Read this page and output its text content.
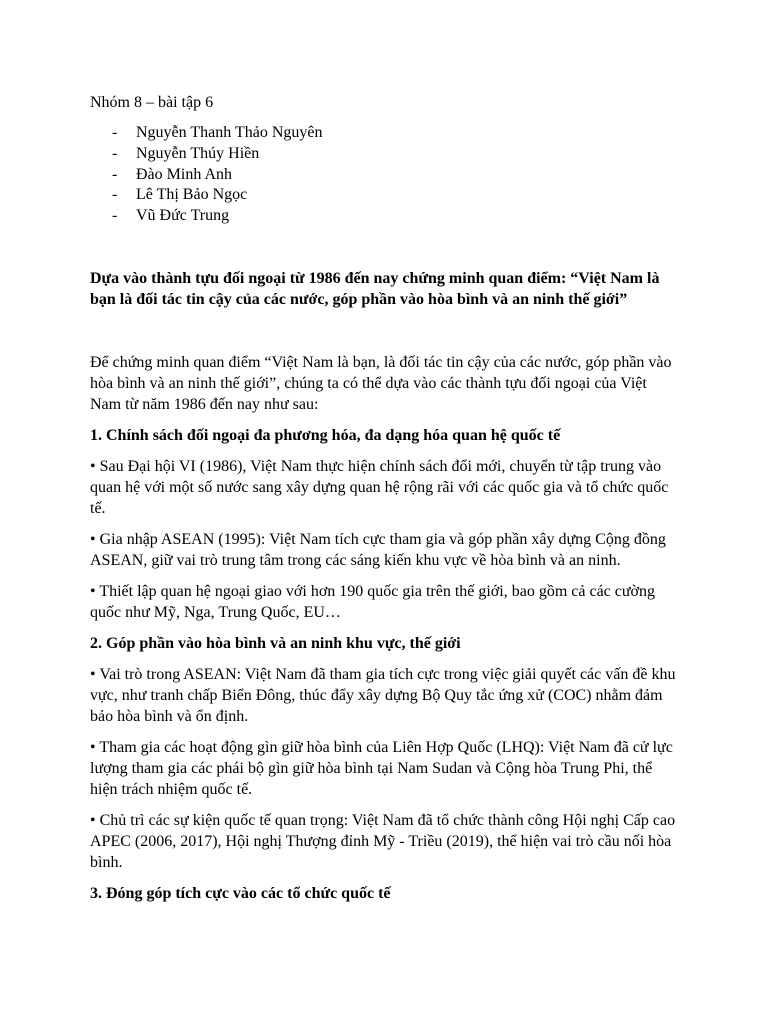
Nhóm 8 – bài tập 6

- Nguyễn Thanh Thảo Nguyên
- Nguyễn Thúy Hiền
- Đào Minh Anh
- Lê Thị Bảo Ngọc
- Vũ Đức Trung

Dựa vào thành tựu đối ngoại từ 1986 đến nay chứng minh quan điểm: “Việt Nam là bạn là đối tác tin cậy của các nước, góp phần vào hòa bình và an ninh thế giới”

Để chứng minh quan điểm “Việt Nam là bạn, là đối tác tin cậy của các nước, góp phần vào hòa bình và an ninh thế giới”, chúng ta có thể dựa vào các thành tựu đối ngoại của Việt Nam từ năm 1986 đến nay như sau:

1. Chính sách đối ngoại đa phương hóa, đa dạng hóa quan hệ quốc tế

• Sau Đại hội VI (1986), Việt Nam thực hiện chính sách đổi mới, chuyển từ tập trung vào quan hệ với một số nước sang xây dựng quan hệ rộng rãi với các quốc gia và tổ chức quốc tế.

• Gia nhập ASEAN (1995): Việt Nam tích cực tham gia và góp phần xây dựng Cộng đồng ASEAN, giữ vai trò trung tâm trong các sáng kiến khu vực về hòa bình và an ninh.

• Thiết lập quan hệ ngoại giao với hơn 190 quốc gia trên thế giới, bao gồm cả các cường quốc như Mỹ, Nga, Trung Quốc, EU…

2. Góp phần vào hòa bình và an ninh khu vực, thế giới

• Vai trò trong ASEAN: Việt Nam đã tham gia tích cực trong việc giải quyết các vấn đề khu vực, như tranh chấp Biển Đông, thúc đẩy xây dựng Bộ Quy tắc ứng xử (COC) nhằm đảm bảo hòa bình và ổn định.

• Tham gia các hoạt động gìn giữ hòa bình của Liên Hợp Quốc (LHQ): Việt Nam đã cử lực lượng tham gia các phái bộ gìn giữ hòa bình tại Nam Sudan và Cộng hòa Trung Phi, thể hiện trách nhiệm quốc tế.

• Chủ trì các sự kiện quốc tế quan trọng: Việt Nam đã tổ chức thành công Hội nghị Cấp cao APEC (2006, 2017), Hội nghị Thượng đỉnh Mỹ - Triều (2019), thể hiện vai trò cầu nối hòa bình.

3. Đóng góp tích cực vào các tổ chức quốc tế
